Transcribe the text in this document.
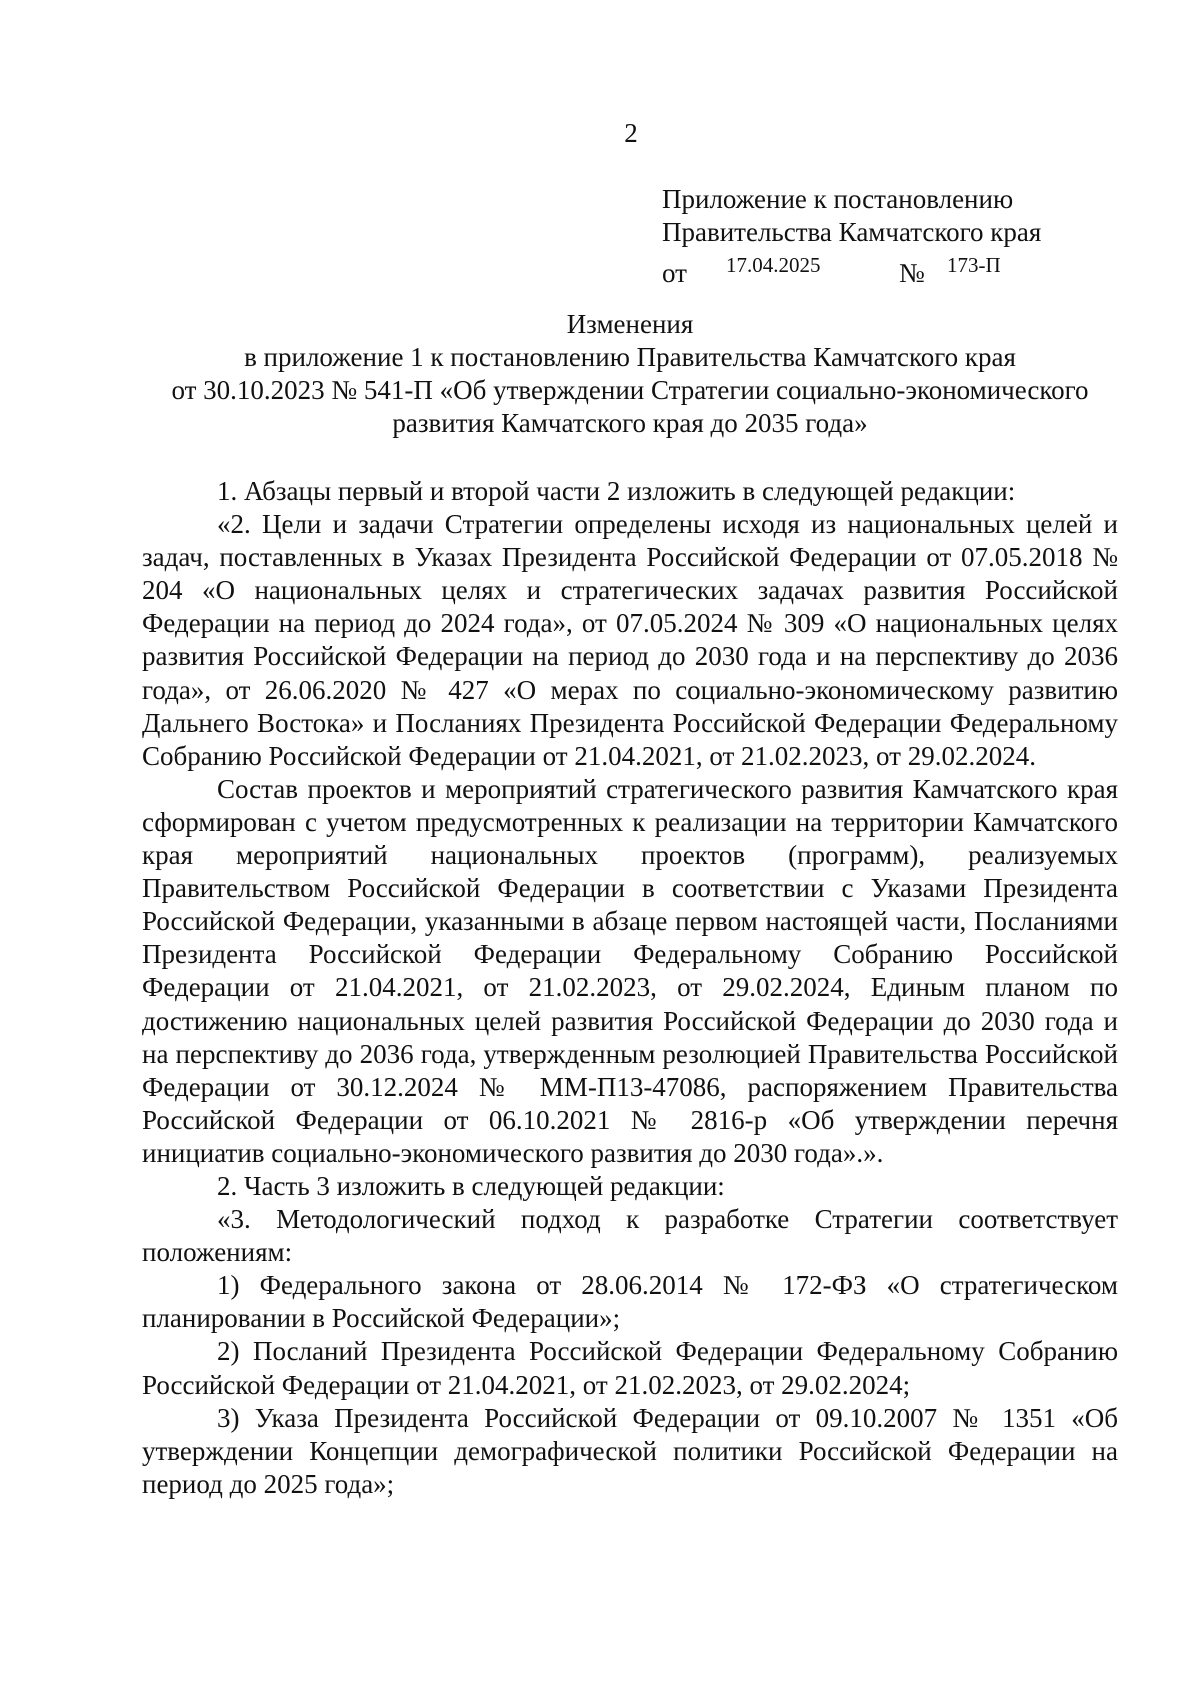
2
Приложение к постановлению
Правительства Камчатского края
от 17.04.2025	№ 173-П
Изменения
в приложение 1 к постановлению Правительства Камчатского края
от 30.10.2023 № 541-П «Об утверждении Стратегии социально-экономического
развития Камчатского края до 2035 года»

1. Абзацы первый и второй части 2 изложить в следующей редакции:

«2. Цели и задачи Стратегии определены исходя из национальных целей и задач, поставленных в Указах Президента Российской Федерации от 07.05.2018 № 204 «О национальных целях и стратегических задачах развития Российской Федерации на период до 2024 года», от 07.05.2024 № 309 «О национальных целях развития Российской Федерации на период до 2030 года и на перспективу до 2036 года», от 26.06.2020 № 427 «О мерах по социально-экономическому развитию Дальнего Востока» и Посланиях Президента Российской Федерации Федеральному Собранию Российской Федерации от 21.04.2021, от 21.02.2023, от 29.02.2024.

Состав проектов и мероприятий стратегического развития Камчатского края сформирован с учетом предусмотренных к реализации на территории Камчатского края мероприятий национальных проектов (программ), реализуемых Правительством Российской Федерации в соответствии с Указами Президента Российской Федерации, указанными в абзаце первом настоящей части, Посланиями Президента Российской Федерации Федеральному Собранию Российской Федерации от 21.04.2021, от 21.02.2023, от 29.02.2024, Единым планом по достижению национальных целей развития Российской Федерации до 2030 года и на перспективу до 2036 года, утвержденным резолюцией Правительства Российской Федерации от 30.12.2024 № ММ-П13-47086, распоряжением Правительства Российской Федерации от 06.10.2021 № 2816-р «Об утверждении перечня инициатив социально-экономического развития до 2030 года».».

2. Часть 3 изложить в следующей редакции:

«3. Методологический подход к разработке Стратегии соответствует положениям:

1) Федерального закона от 28.06.2014 № 172-ФЗ «О стратегическом планировании в Российской Федерации»;

2) Посланий Президента Российской Федерации Федеральному Собранию Российской Федерации от 21.04.2021, от 21.02.2023, от 29.02.2024;

3) Указа Президента Российской Федерации от 09.10.2007 № 1351 «Об утверждении Концепции демографической политики Российской Федерации на период до 2025 года»;
